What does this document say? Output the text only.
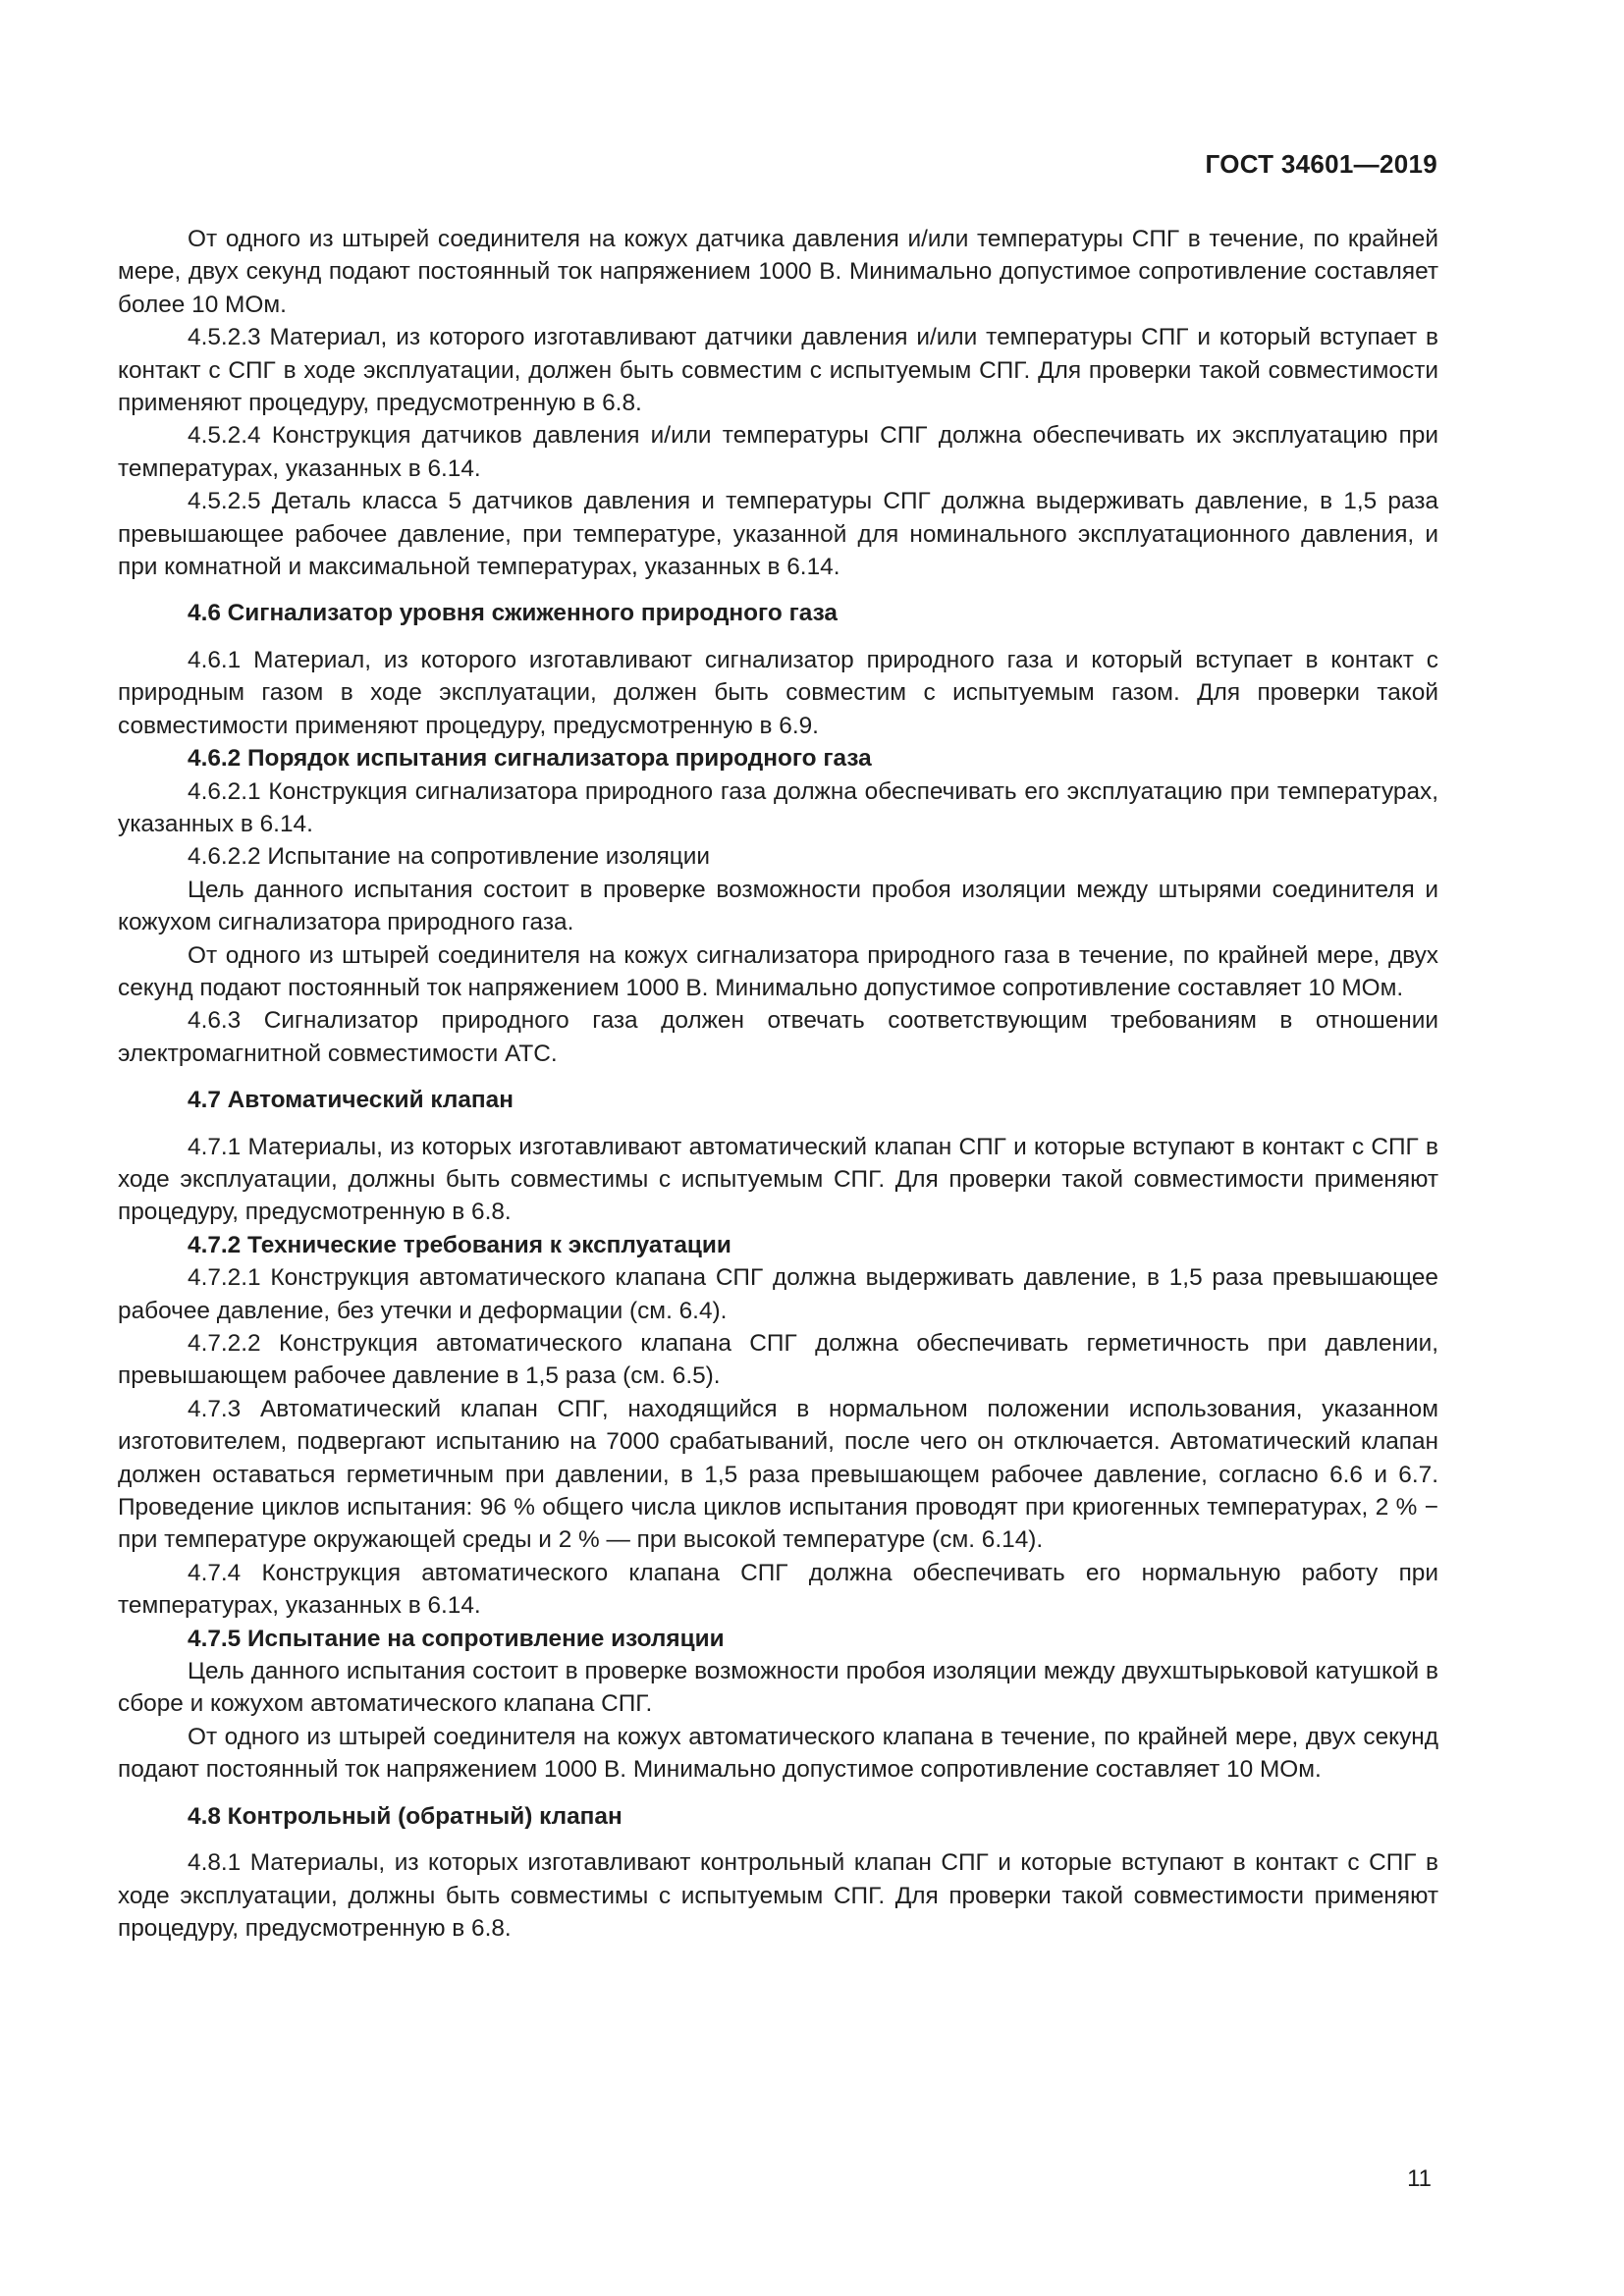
ГОСТ 34601—2019

От одного из штырей соединителя на кожух датчика давления и/или температуры СПГ в течение, по крайней мере, двух секунд подают постоянный ток напряжением 1000 В. Минимально допустимое сопротивление составляет более 10 МОм.

4.5.2.3 Материал, из которого изготавливают датчики давления и/или температуры СПГ и который вступает в контакт с СПГ в ходе эксплуатации, должен быть совместим с испытуемым СПГ. Для проверки такой совместимости применяют процедуру, предусмотренную в 6.8.

4.5.2.4 Конструкция датчиков давления и/или температуры СПГ должна обеспечивать их эксплуатацию при температурах, указанных в 6.14.

4.5.2.5 Деталь класса 5 датчиков давления и температуры СПГ должна выдерживать давление, в 1,5 раза превышающее рабочее давление, при температуре, указанной для номинального эксплуатационного давления, и при комнатной и максимальной температурах, указанных в 6.14.

4.6 Сигнализатор уровня сжиженного природного газа

4.6.1 Материал, из которого изготавливают сигнализатор природного газа и который вступает в контакт с природным газом в ходе эксплуатации, должен быть совместим с испытуемым газом. Для проверки такой совместимости применяют процедуру, предусмотренную в 6.9.

4.6.2 Порядок испытания сигнализатора природного газа

4.6.2.1 Конструкция сигнализатора природного газа должна обеспечивать его эксплуатацию при температурах, указанных в 6.14.

4.6.2.2 Испытание на сопротивление изоляции

Цель данного испытания состоит в проверке возможности пробоя изоляции между штырями соединителя и кожухом сигнализатора природного газа.

От одного из штырей соединителя на кожух сигнализатора природного газа в течение, по крайней мере, двух секунд подают постоянный ток напряжением 1000 В. Минимально допустимое сопротивление составляет 10 МОм.

4.6.3 Сигнализатор природного газа должен отвечать соответствующим требованиям в отношении электромагнитной совместимости АТС.

4.7 Автоматический клапан

4.7.1 Материалы, из которых изготавливают автоматический клапан СПГ и которые вступают в контакт с СПГ в ходе эксплуатации, должны быть совместимы с испытуемым СПГ. Для проверки такой совместимости применяют процедуру, предусмотренную в 6.8.

4.7.2 Технические требования к эксплуатации

4.7.2.1 Конструкция автоматического клапана СПГ должна выдерживать давление, в 1,5 раза превышающее рабочее давление, без утечки и деформации (см. 6.4).

4.7.2.2 Конструкция автоматического клапана СПГ должна обеспечивать герметичность при давлении, превышающем рабочее давление в 1,5 раза (см. 6.5).

4.7.3 Автоматический клапан СПГ, находящийся в нормальном положении использования, указанном изготовителем, подвергают испытанию на 7000 срабатываний, после чего он отключается. Автоматический клапан должен оставаться герметичным при давлении, в 1,5 раза превышающем рабочее давление, согласно 6.6 и 6.7. Проведение циклов испытания: 96 % общего числа циклов испытания проводят при криогенных температурах, 2 % − при температуре окружающей среды и 2 % — при высокой температуре (см. 6.14).

4.7.4 Конструкция автоматического клапана СПГ должна обеспечивать его нормальную работу при температурах, указанных в 6.14.

4.7.5 Испытание на сопротивление изоляции

Цель данного испытания состоит в проверке возможности пробоя изоляции между двухштырьковой катушкой в сборе и кожухом автоматического клапана СПГ.

От одного из штырей соединителя на кожух автоматического клапана в течение, по крайней мере, двух секунд подают постоянный ток напряжением 1000 В. Минимально допустимое сопротивление составляет 10 МОм.

4.8 Контрольный (обратный) клапан

4.8.1 Материалы, из которых изготавливают контрольный клапан СПГ и которые вступают в контакт с СПГ в ходе эксплуатации, должны быть совместимы с испытуемым СПГ. Для проверки такой совместимости применяют процедуру, предусмотренную в 6.8.

11
